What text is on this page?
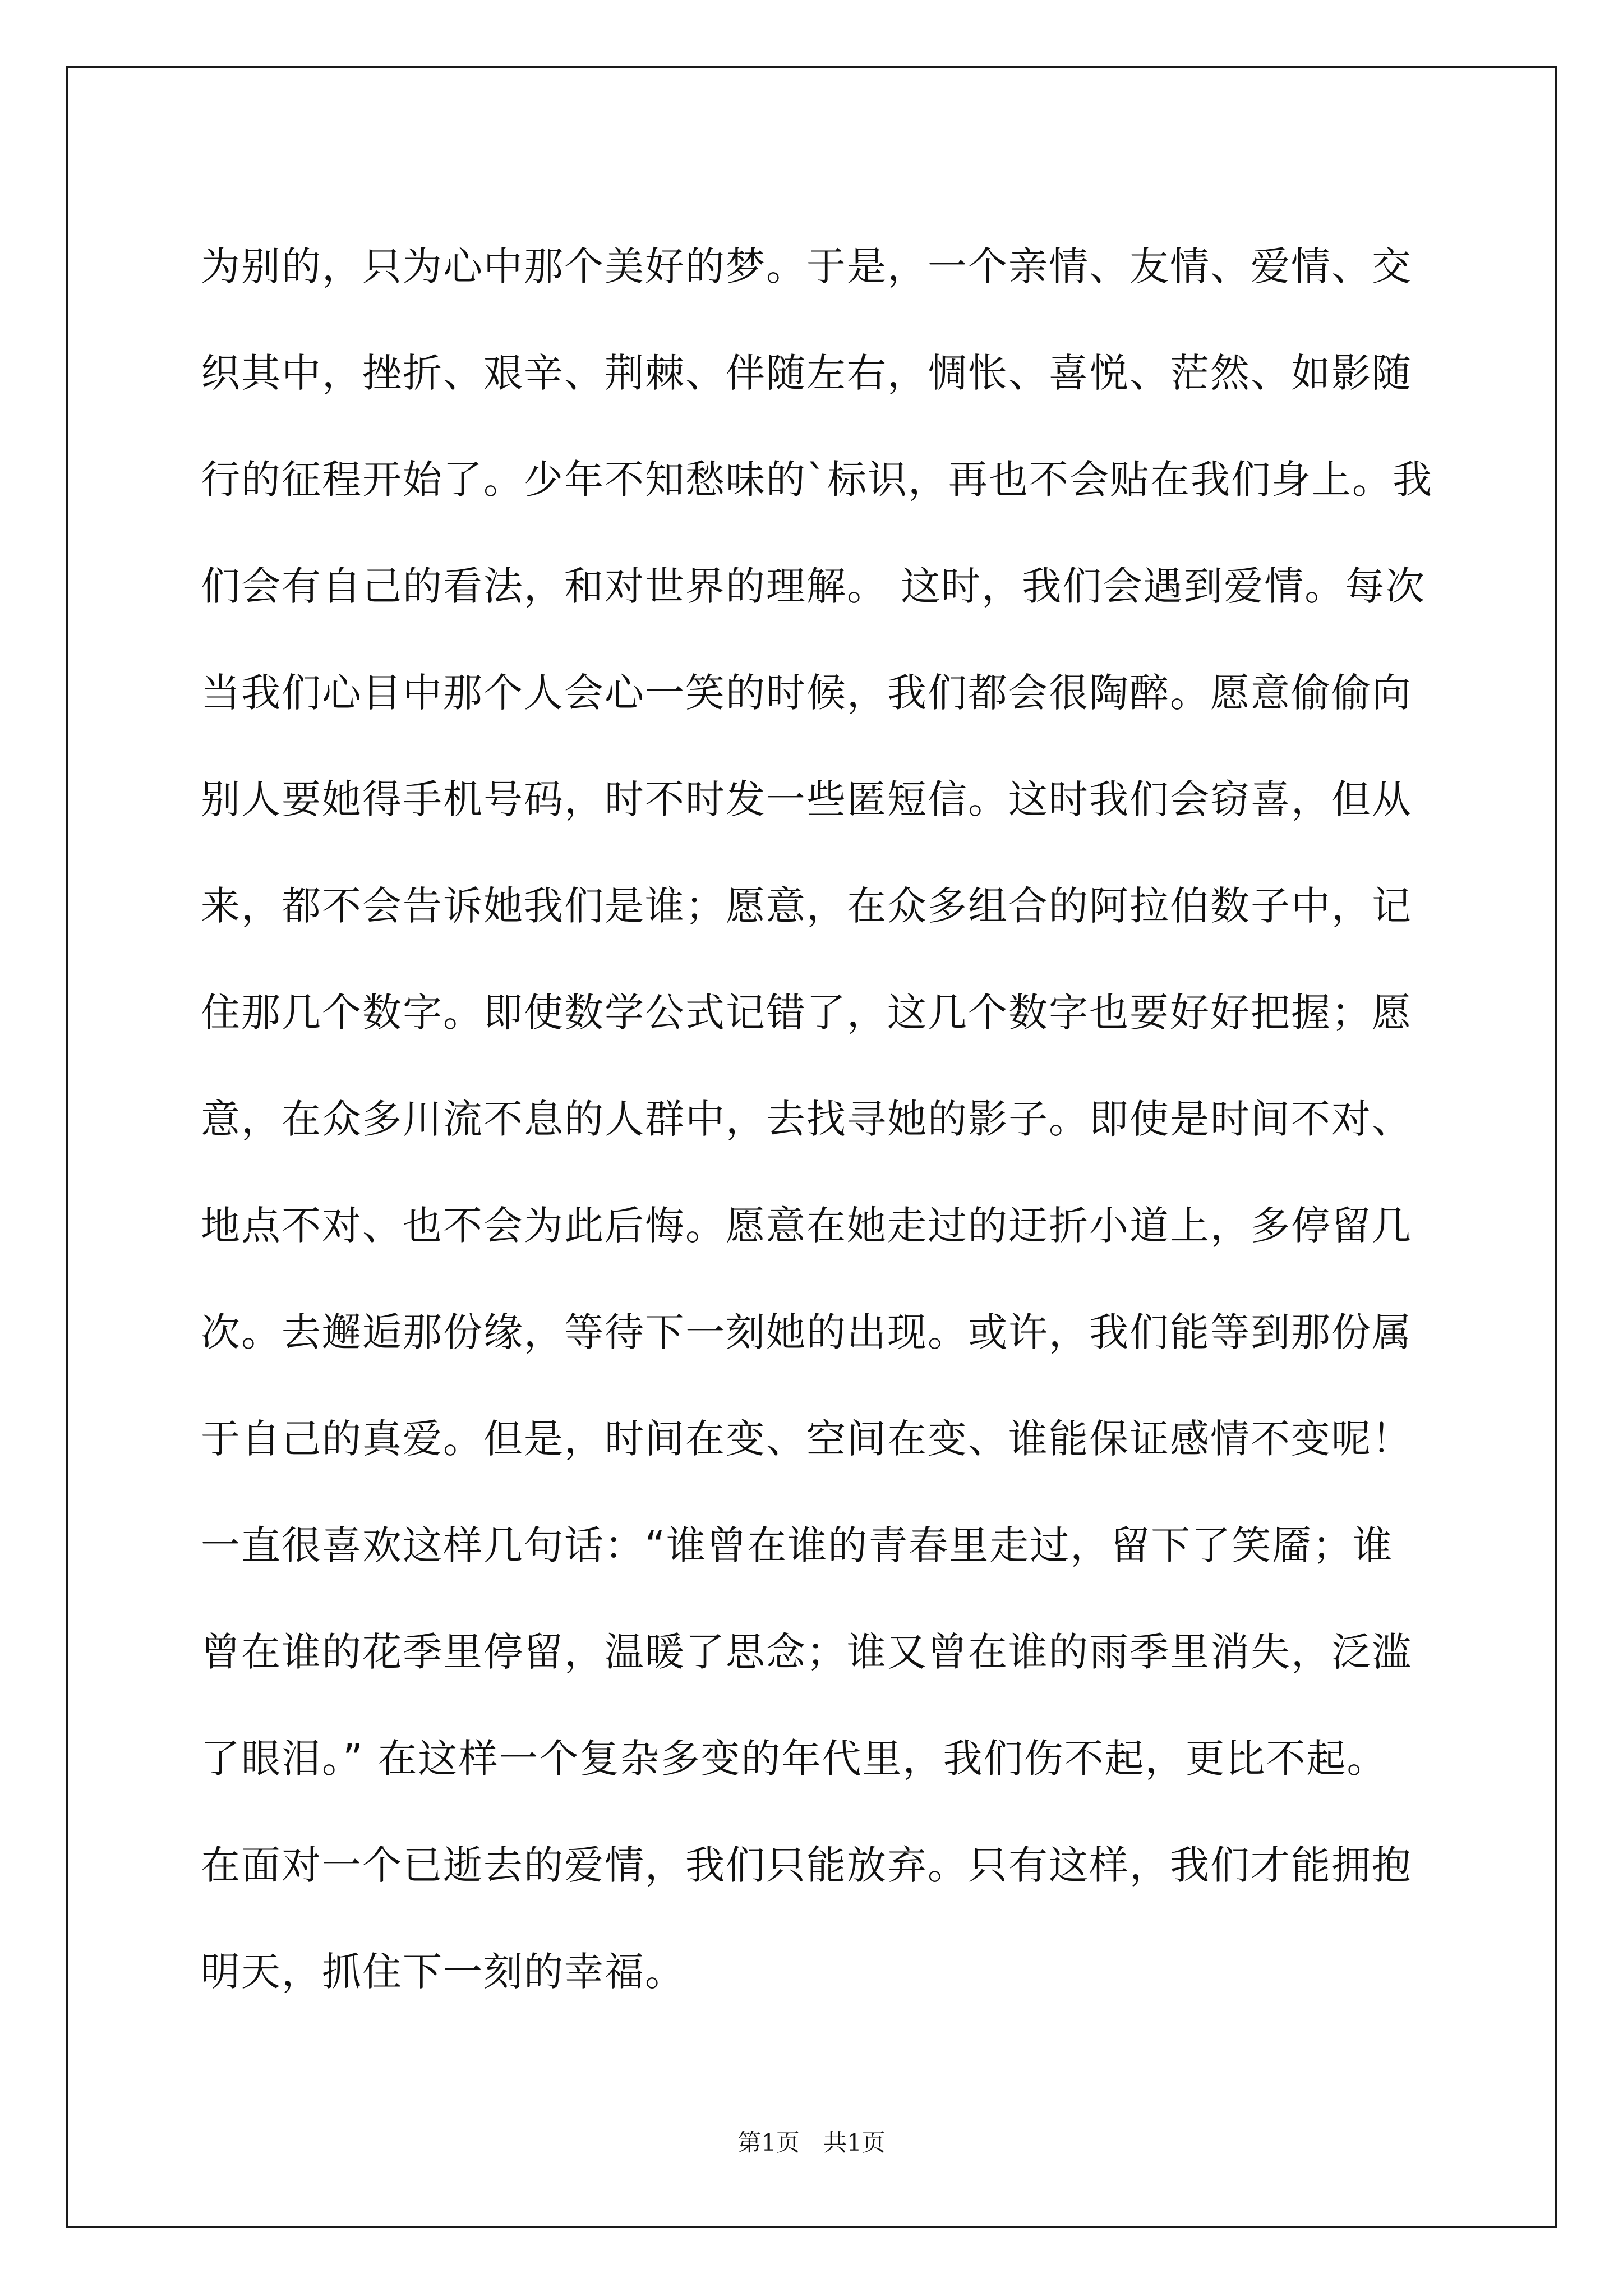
为别的，只为心中那个美好的梦。于是，一个亲情、友情、爱情、交
织其中，挫折、艰辛、荆棘、伴随左右，惆怅、喜悦、茫然、如影随
行的征程开始了。少年不知愁味的`标识，再也不会贴在我们身上。我
们会有自己的看法，和对世界的理解。 这时，我们会遇到爱情。每次
当我们心目中那个人会心一笑的时候，我们都会很陶醉。愿意偷偷向
别人要她得手机号码，时不时发一些匿短信。这时我们会窃喜，但从
来，都不会告诉她我们是谁；愿意，在众多组合的阿拉伯数子中，记
住那几个数字。即使数学公式记错了，这几个数字也要好好把握；愿
意，在众多川流不息的人群中，去找寻她的影子。即使是时间不对、
地点不对、也不会为此后悔。愿意在她走过的迂折小道上，多停留几
次。去邂逅那份缘，等待下一刻她的出现。或许，我们能等到那份属
于自己的真爱。但是，时间在变、空间在变、谁能保证感情不变呢！
一直很喜欢这样几句话：“谁曾在谁的青春里走过，留下了笑靥；谁
曾在谁的花季里停留，温暖了思念；谁又曾在谁的雨季里消失，泛滥
了眼泪。” 在这样一个复杂多变的年代里，我们伤不起，更比不起。
在面对一个已逝去的爱情，我们只能放弃。只有这样，我们才能拥抱
明天，抓住下一刻的幸福。
第1页　共1页
